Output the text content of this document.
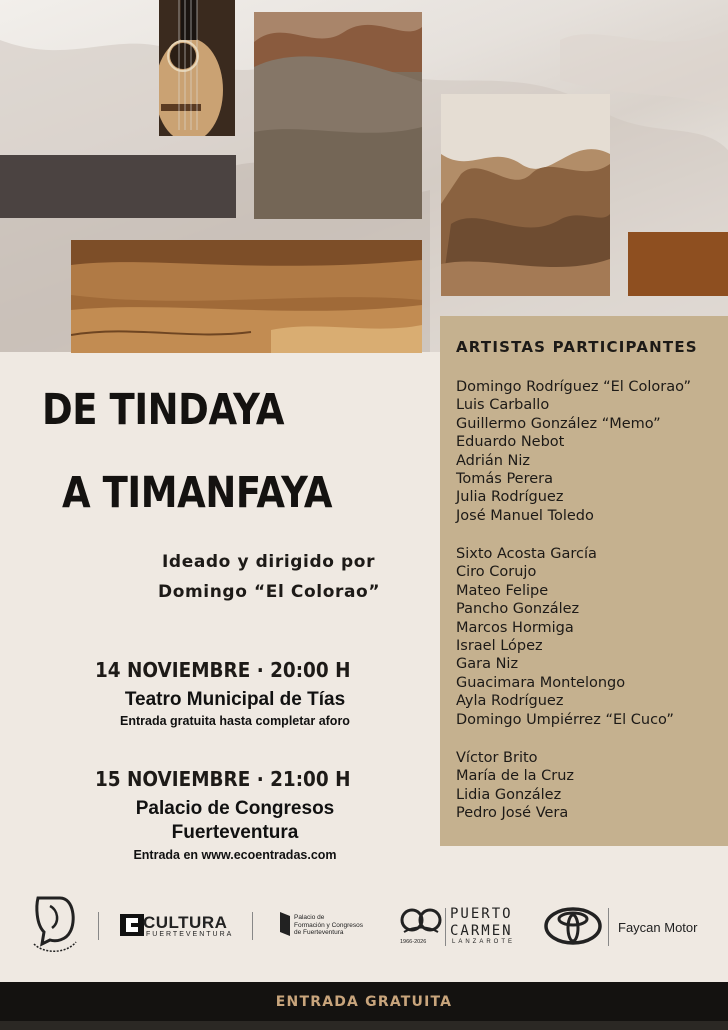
ARTISTAS PARTICIPANTES
Domingo Rodríguez “El Colorao”
Luis Carballo
Guillermo González “Memo”
Eduardo Nebot
Adrián Niz
Tomás Perera
Julia Rodríguez
José Manuel Toledo
Sixto Acosta García
Ciro Corujo
Mateo Felipe
Pancho González
Marcos Hormiga
Israel López
Gara Niz
Guacimara Montelongo
Ayla Rodríguez
Domingo Umpiérrez “El Cuco”
Víctor Brito
María de la Cruz
Lidia González
Pedro José Vera
DE TINDAYA
A TIMANFAYA
Ideado y dirigido por
Domingo “El Colorao”
14 NOVIEMBRE · 20:00 H
Teatro Municipal de Tías
Entrada gratuita hasta completar aforo
15 NOVIEMBRE · 21:00 H
Palacio de Congresos
Fuerteventura
Entrada en www.ecoentradas.com
CULTURA
FUERTEVENTURA
Palacio de
Formación y Congresos
de Fuerteventura
1966-2026
PUERTO
CARMEN
LANZAROTE
Faycan Motor
ENTRADA GRATUITA
